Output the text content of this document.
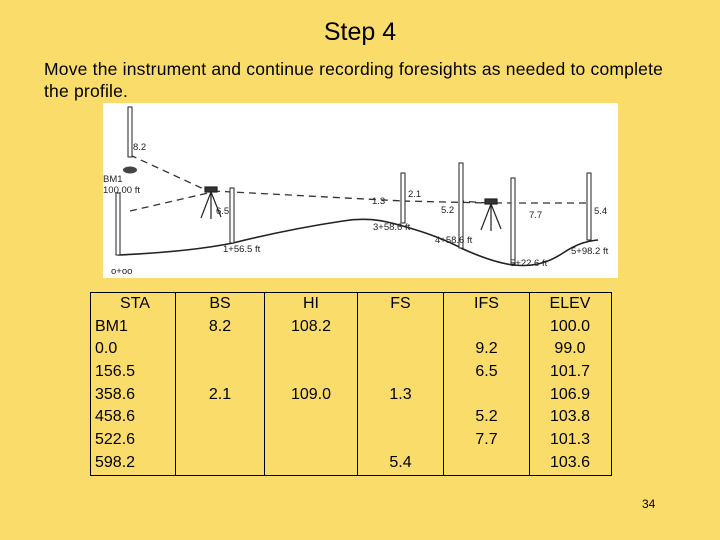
Step 4
Move the instrument and continue recording foresights as needed to complete the profile.
8.2
BM1
100.00 ft
6.5
1.3
2.1
5.2	7.7	5.4
o+oo
1+56.5 ft
3+58.6 ft
4+58.6 ft
5+22.6 ft
5+98.2 ft
STA
BM1
0.0
156.5
358.6
458.6
522.6
598.2
BS
8.2
2.1
HI
108.2
109.0
FS
1.3
5.4
IFS
9.2
6.5
5.2
7.7
ELEV
100.0
99.0
101.7
106.9
103.8
101.3
103.6
34
